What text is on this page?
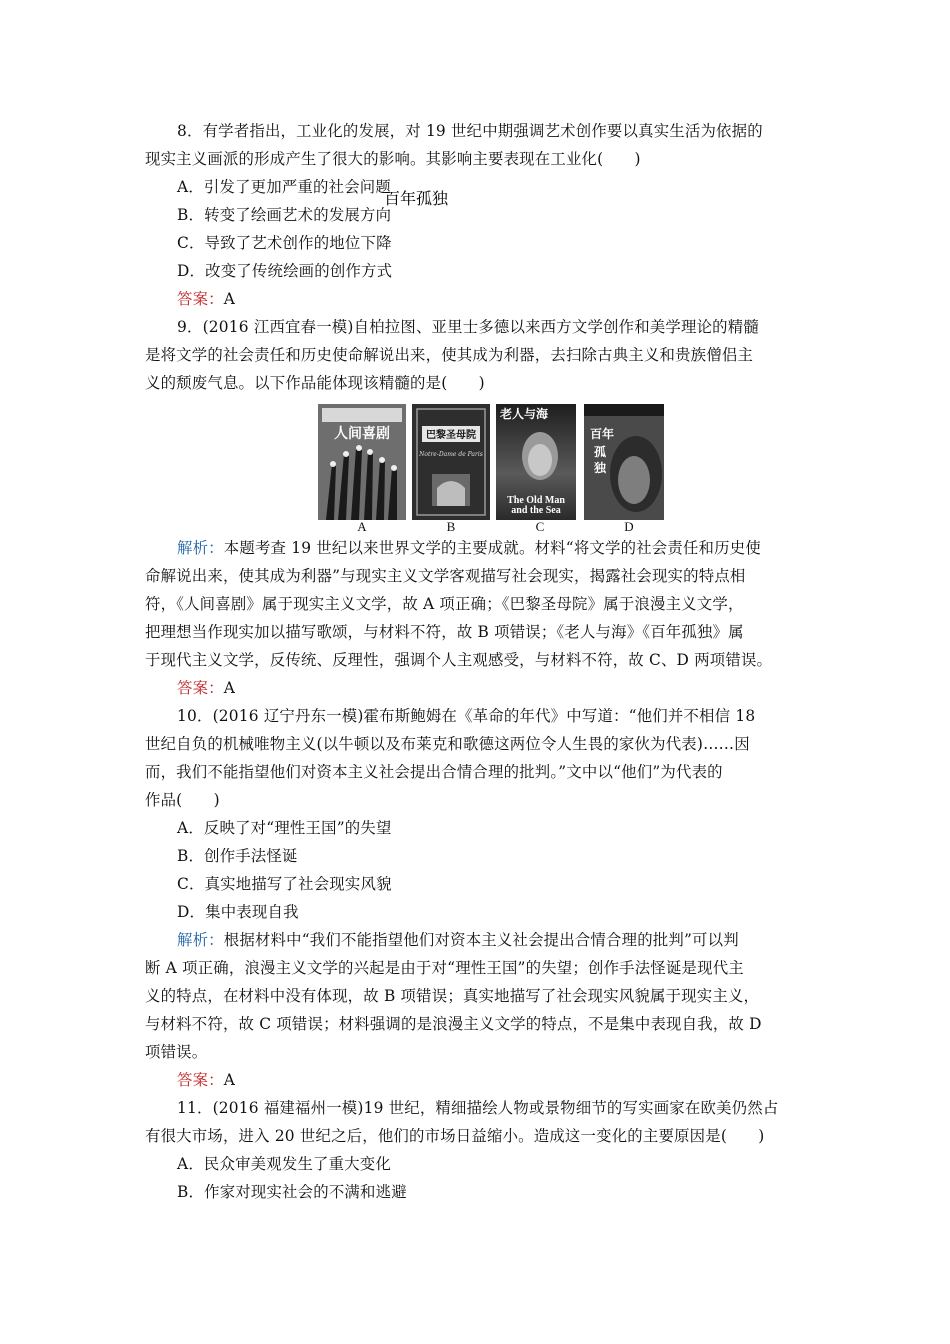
8．有学者指出，工业化的发展，对 19 世纪中期强调艺术创作要以真实生活为依据的

现实主义画派的形成产生了很大的影响。其影响主要表现在工业化(　　)

A．引发了更加严重的社会问题

B．转变了绘画艺术的发展方向

C．导致了艺术创作的地位下降

D．改变了传统绘画的创作方式

答案：A

9．(2016 江西宜春一模)自柏拉图、亚里士多德以来西方文学创作和美学理论的精髓

是将文学的社会责任和历史使命解说出来，使其成为利器，去扫除古典主义和贵族僧侣主

义的颓废气息。以下作品能体现该精髓的是(　　)

人间喜剧	巴黎圣母院
Notre-Dame de Paris
老人与海
The Old Man and the Sea
百 年
孤
独
百年孤独
A	B	C	D

解析：本题考查 19 世纪以来世界文学的主要成就。材料“将文学的社会责任和历史使

命解说出来，使其成为利器”与现实主义文学客观描写社会现实，揭露社会现实的特点相

符，《人间喜剧》属于现实主义文学，故 A 项正确；《巴黎圣母院》属于浪漫主义文学，

把理想当作现实加以描写歌颂，与材料不符，故 B 项错误；《老人与海》《百年孤独》属

于现代主义文学，反传统、反理性，强调个人主观感受，与材料不符，故 C、D 两项错误。

答案：A

10．(2016 辽宁丹东一模)霍布斯鲍姆在《革命的年代》中写道：“他们并不相信 18

世纪自负的机械唯物主义(以牛顿以及布莱克和歌德这两位令人生畏的家伙为代表)……因

而，我们不能指望他们对资本主义社会提出合情合理的批判。”文中以“他们”为代表的

作品(　　)

A．反映了对“理性王国”的失望

B．创作手法怪诞

C．真实地描写了社会现实风貌

D．集中表现自我

解析：根据材料中“我们不能指望他们对资本主义社会提出合情合理的批判”可以判

断 A 项正确，浪漫主义文学的兴起是由于对“理性王国”的失望；创作手法怪诞是现代主

义的特点，在材料中没有体现，故 B 项错误；真实地描写了社会现实风貌属于现实主义，

与材料不符，故 C 项错误；材料强调的是浪漫主义文学的特点，不是集中表现自我，故 D

项错误。

答案：A

11．(2016 福建福州一模)19 世纪，精细描绘人物或景物细节的写实画家在欧美仍然占

有很大市场，进入 20 世纪之后，他们的市场日益缩小。造成这一变化的主要原因是(　　)

A．民众审美观发生了重大变化

B．作家对现实社会的不满和逃避
